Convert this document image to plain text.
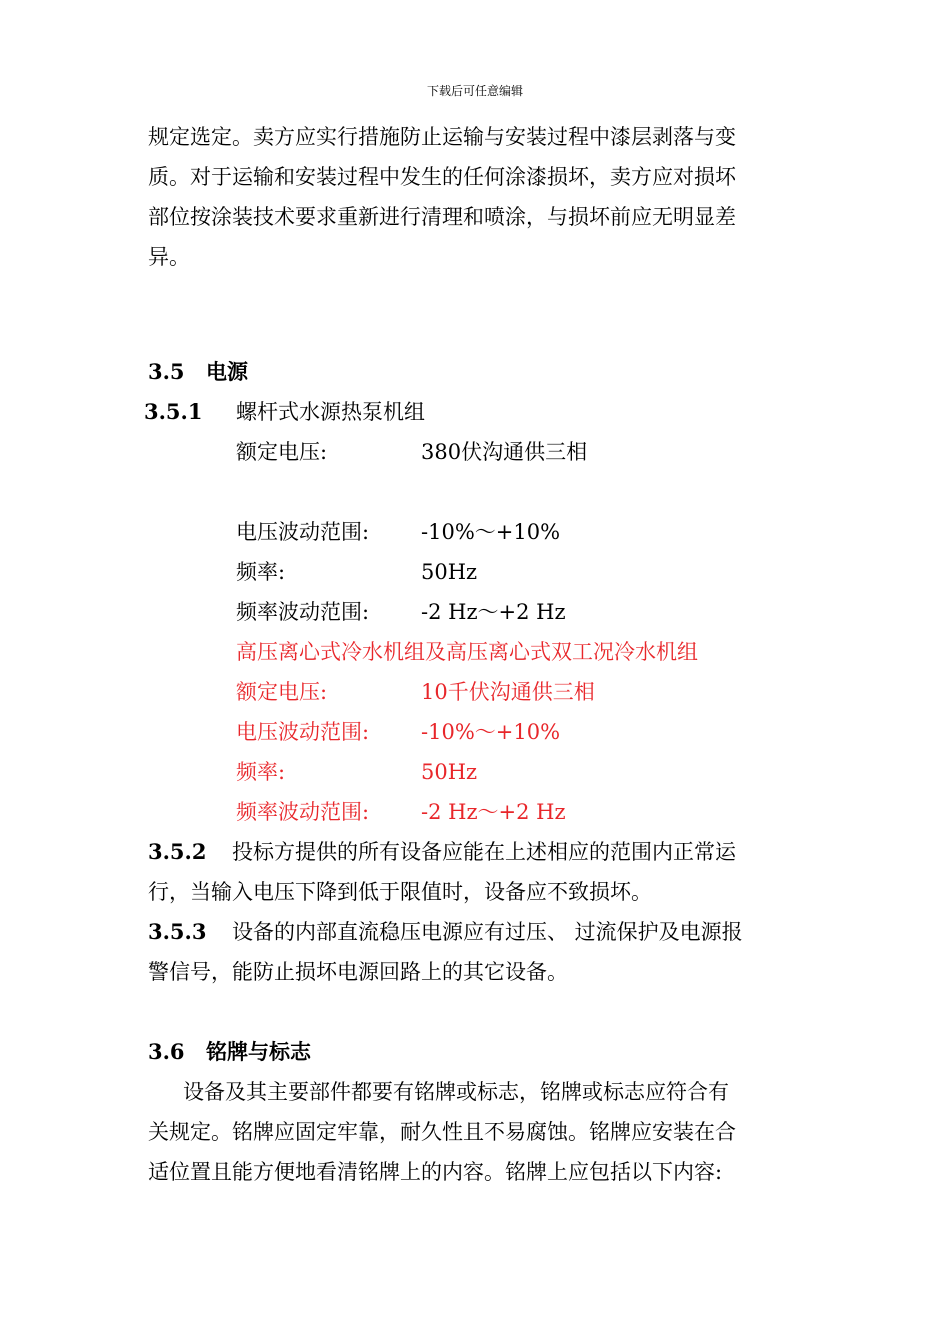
下载后可任意编辑
规定选定。卖方应实行措施防止运输与安装过程中漆层剥落与变
质。对于运输和安装过程中发生的任何涂漆损坏，卖方应对损坏
部位按涂装技术要求重新进行清理和喷涂，与损坏前应无明显差
异。
3.5 电源
3.5.1 螺杆式水源热泵机组
额定电压:	380伏沟通供三相
电压波动范围: -10%～+10%
频率:	50Hz
频率波动范围: -2 Hz～+2 Hz
高压离心式冷水机组及高压离心式双工况冷水机组
额定电压:	10千伏沟通供三相
电压波动范围: -10%～+10%
频率:	50Hz
频率波动范围: -2 Hz～+2 Hz
3.5.2 投标方提供的所有设备应能在上述相应的范围内正常运
行，当输入电压下降到低于限值时，设备应不致损坏。
3.5.3 设备的内部直流稳压电源应有过压、 过流保护及电源报
警信号，能防止损坏电源回路上的其它设备。
3.6 铭牌与标志
设备及其主要部件都要有铭牌或标志，铭牌或标志应符合有
关规定。铭牌应固定牢靠，耐久性且不易腐蚀。铭牌应安装在合
适位置且能方便地看清铭牌上的内容。铭牌上应包括以下内容:
